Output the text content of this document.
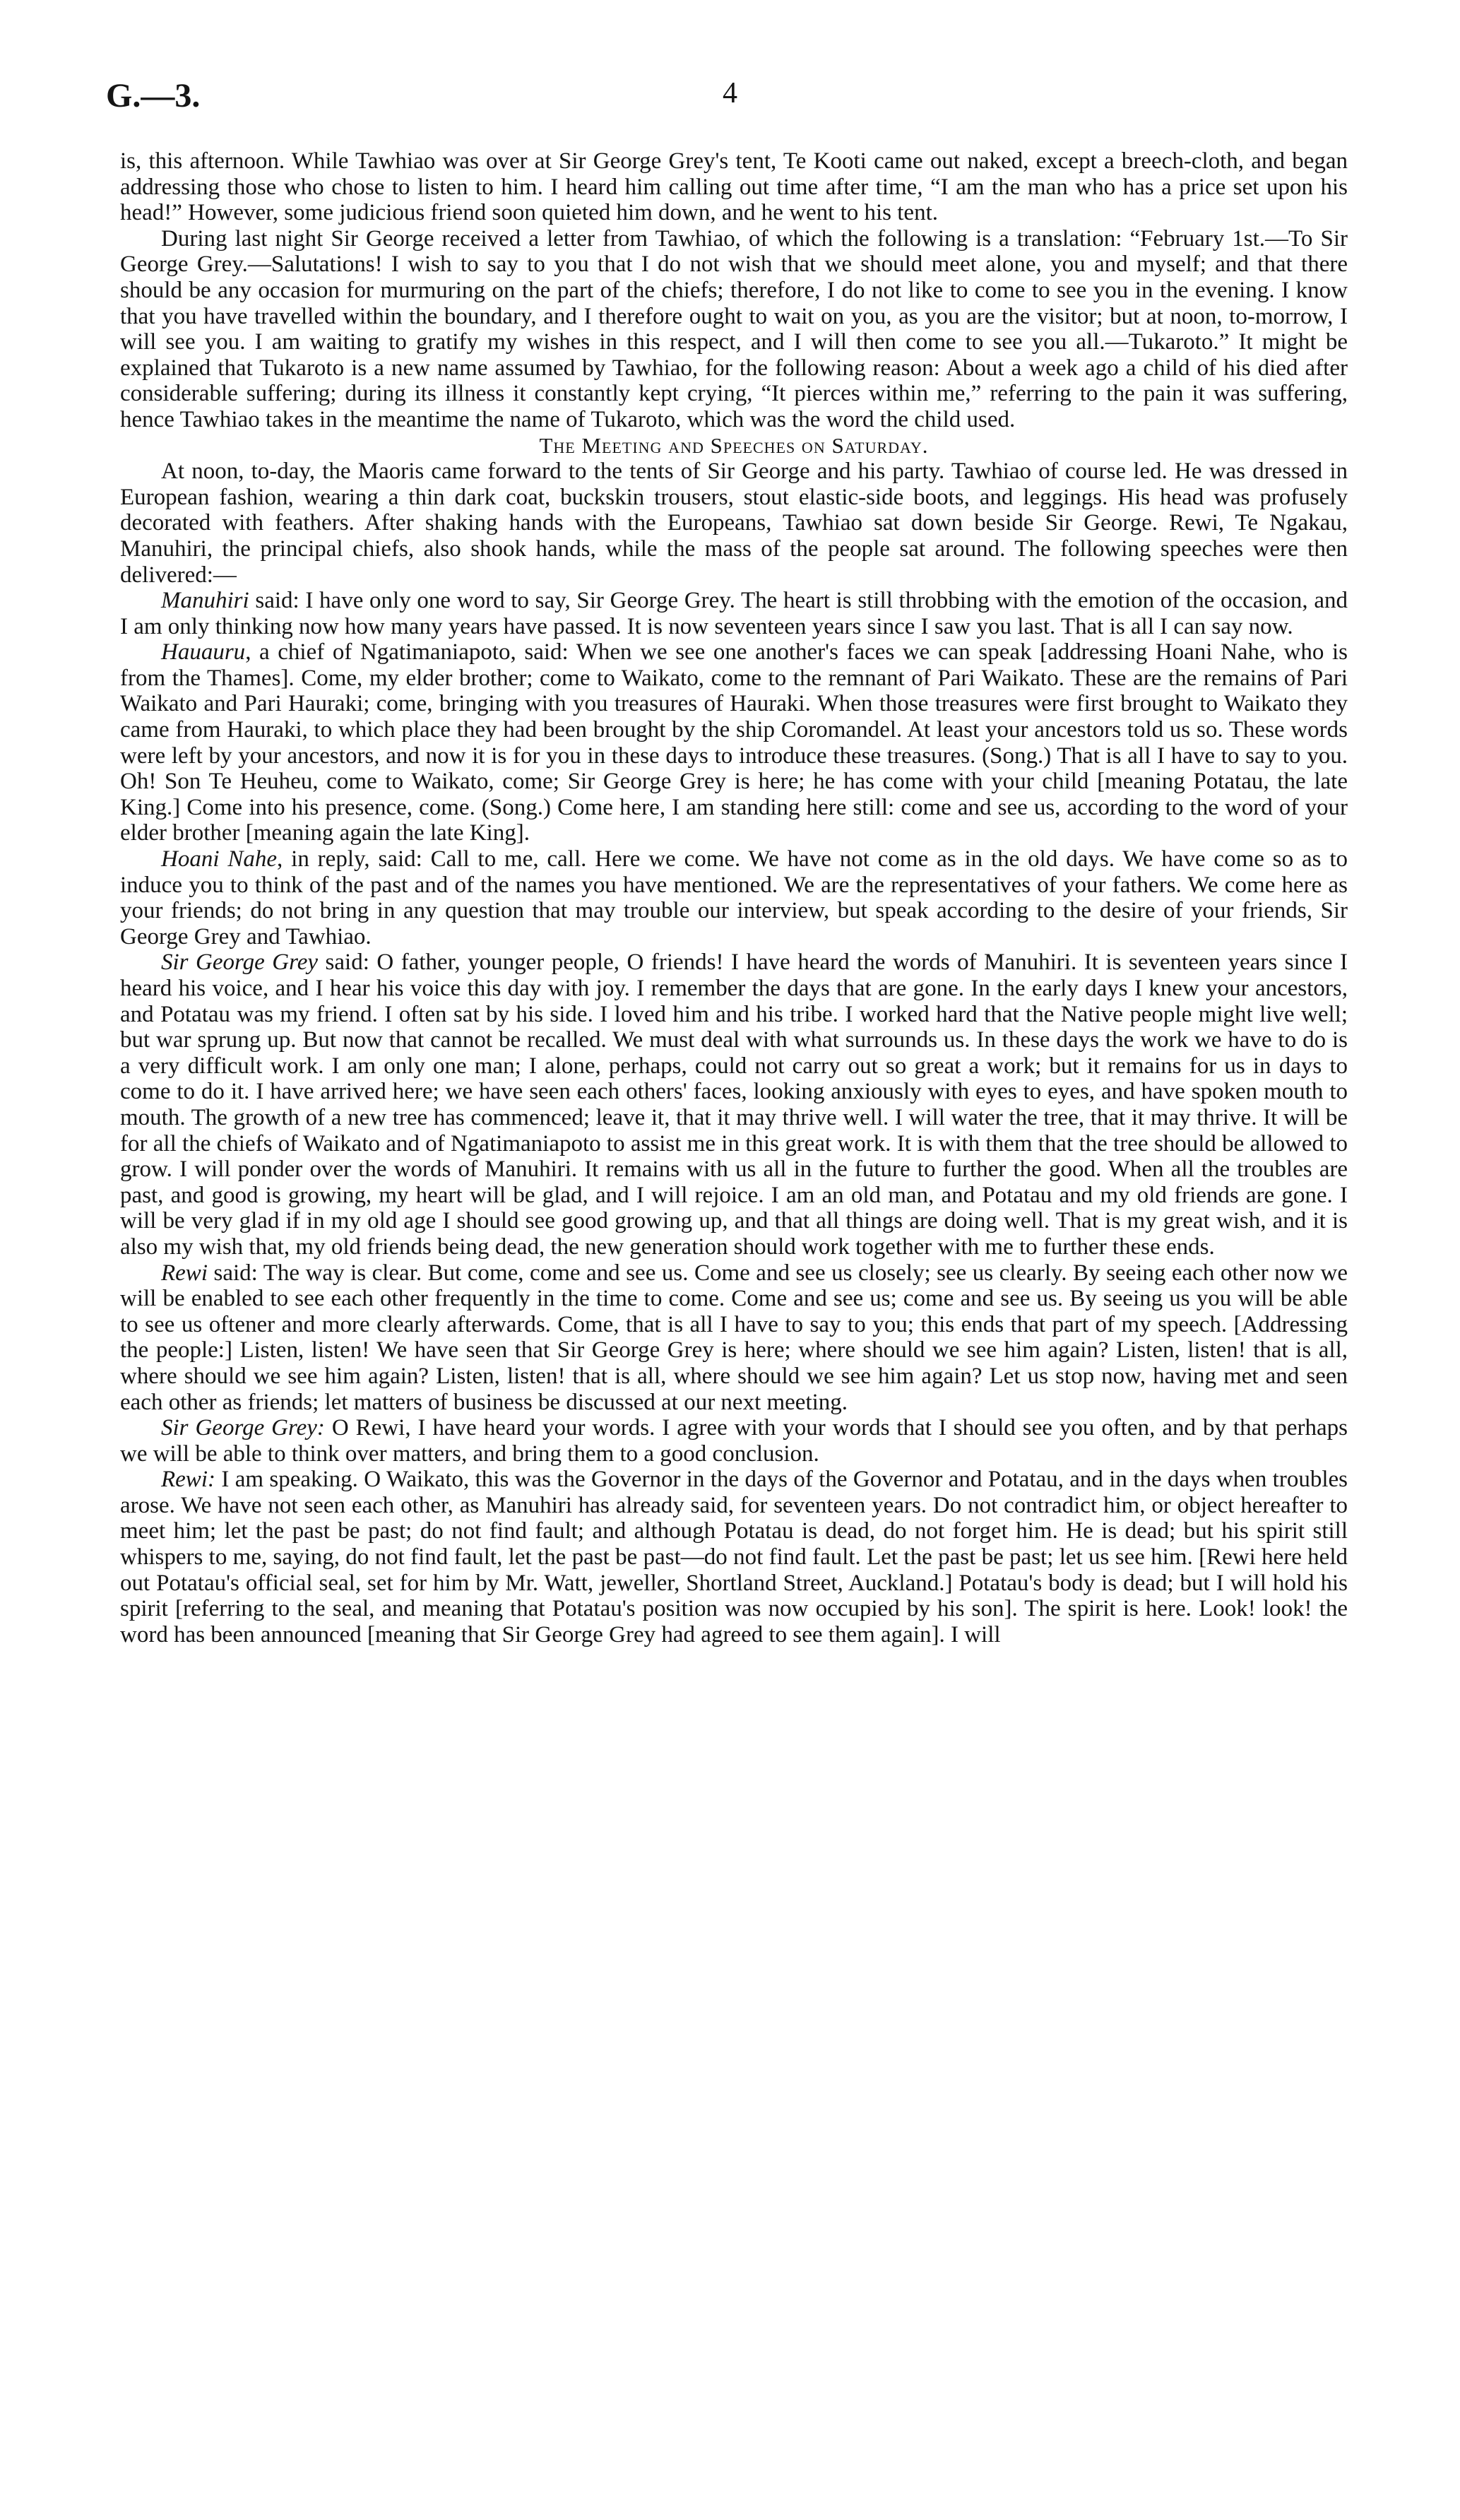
G.—3.	4

is, this afternoon. While Tawhiao was over at Sir George Grey's tent, Te Kooti came out naked, except a breech-cloth, and began addressing those who chose to listen to him. I heard him calling out time after time, “I am the man who has a price set upon his head!” However, some judicious friend soon quieted him down, and he went to his tent.

During last night Sir George received a letter from Tawhiao, of which the following is a translation: “February 1st.—To Sir George Grey.—Salutations! I wish to say to you that I do not wish that we should meet alone, you and myself; and that there should be any occasion for murmuring on the part of the chiefs; therefore, I do not like to come to see you in the evening. I know that you have travelled within the boundary, and I therefore ought to wait on you, as you are the visitor; but at noon, to-morrow, I will see you. I am waiting to gratify my wishes in this respect, and I will then come to see you all.—Tukaroto.” It might be explained that Tukaroto is a new name assumed by Tawhiao, for the following reason: About a week ago a child of his died after considerable suffering; during its illness it constantly kept crying, “It pierces within me,” referring to the pain it was suffering, hence Tawhiao takes in the meantime the name of Tukaroto, which was the word the child used.

The Meeting and Speeches on Saturday.

At noon, to-day, the Maoris came forward to the tents of Sir George and his party. Tawhiao of course led. He was dressed in European fashion, wearing a thin dark coat, buckskin trousers, stout elastic-side boots, and leggings. His head was profusely decorated with feathers. After shaking hands with the Europeans, Tawhiao sat down beside Sir George. Rewi, Te Ngakau, Manuhiri, the principal chiefs, also shook hands, while the mass of the people sat around. The following speeches were then delivered:—

Manuhiri said: I have only one word to say, Sir George Grey. The heart is still throbbing with the emotion of the occasion, and I am only thinking now how many years have passed. It is now seventeen years since I saw you last. That is all I can say now.

Hauauru, a chief of Ngatimaniapoto, said: When we see one another's faces we can speak [addressing Hoani Nahe, who is from the Thames]. Come, my elder brother; come to Waikato, come to the remnant of Pari Waikato. These are the remains of Pari Waikato and Pari Hauraki; come, bringing with you treasures of Hauraki. When those treasures were first brought to Waikato they came from Hauraki, to which place they had been brought by the ship Coromandel. At least your ancestors told us so. These words were left by your ancestors, and now it is for you in these days to introduce these treasures. (Song.) That is all I have to say to you. Oh! Son Te Heuheu, come to Waikato, come; Sir George Grey is here; he has come with your child [meaning Potatau, the late King.] Come into his presence, come. (Song.) Come here, I am standing here still: come and see us, according to the word of your elder brother [meaning again the late King].

Hoani Nahe, in reply, said: Call to me, call. Here we come. We have not come as in the old days. We have come so as to induce you to think of the past and of the names you have mentioned. We are the representatives of your fathers. We come here as your friends; do not bring in any question that may trouble our interview, but speak according to the desire of your friends, Sir George Grey and Tawhiao.

Sir George Grey said: O father, younger people, O friends! I have heard the words of Manuhiri. It is seventeen years since I heard his voice, and I hear his voice this day with joy. I remember the days that are gone. In the early days I knew your ancestors, and Potatau was my friend. I often sat by his side. I loved him and his tribe. I worked hard that the Native people might live well; but war sprung up. But now that cannot be recalled. We must deal with what surrounds us. In these days the work we have to do is a very difficult work. I am only one man; I alone, perhaps, could not carry out so great a work; but it remains for us in days to come to do it. I have arrived here; we have seen each others' faces, looking anxiously with eyes to eyes, and have spoken mouth to mouth. The growth of a new tree has commenced; leave it, that it may thrive well. I will water the tree, that it may thrive. It will be for all the chiefs of Waikato and of Ngatimaniapoto to assist me in this great work. It is with them that the tree should be allowed to grow. I will ponder over the words of Manuhiri. It remains with us all in the future to further the good. When all the troubles are past, and good is growing, my heart will be glad, and I will rejoice. I am an old man, and Potatau and my old friends are gone. I will be very glad if in my old age I should see good growing up, and that all things are doing well. That is my great wish, and it is also my wish that, my old friends being dead, the new generation should work together with me to further these ends.

Rewi said: The way is clear. But come, come and see us. Come and see us closely; see us clearly. By seeing each other now we will be enabled to see each other frequently in the time to come. Come and see us; come and see us. By seeing us you will be able to see us oftener and more clearly afterwards. Come, that is all I have to say to you; this ends that part of my speech. [Addressing the people:] Listen, listen! We have seen that Sir George Grey is here; where should we see him again? Listen, listen! that is all, where should we see him again? Listen, listen! that is all, where should we see him again? Let us stop now, having met and seen each other as friends; let matters of business be discussed at our next meeting.

Sir George Grey: O Rewi, I have heard your words. I agree with your words that I should see you often, and by that perhaps we will be able to think over matters, and bring them to a good conclusion.

Rewi: I am speaking. O Waikato, this was the Governor in the days of the Governor and Potatau, and in the days when troubles arose. We have not seen each other, as Manuhiri has already said, for seventeen years. Do not contradict him, or object hereafter to meet him; let the past be past; do not find fault; and although Potatau is dead, do not forget him. He is dead; but his spirit still whispers to me, saying, do not find fault, let the past be past—do not find fault. Let the past be past; let us see him. [Rewi here held out Potatau's official seal, set for him by Mr. Watt, jeweller, Shortland Street, Auckland.] Potatau's body is dead; but I will hold his spirit [referring to the seal, and meaning that Potatau's position was now occupied by his son]. The spirit is here. Look! look! the word has been announced [meaning that Sir George Grey had agreed to see them again]. I will
